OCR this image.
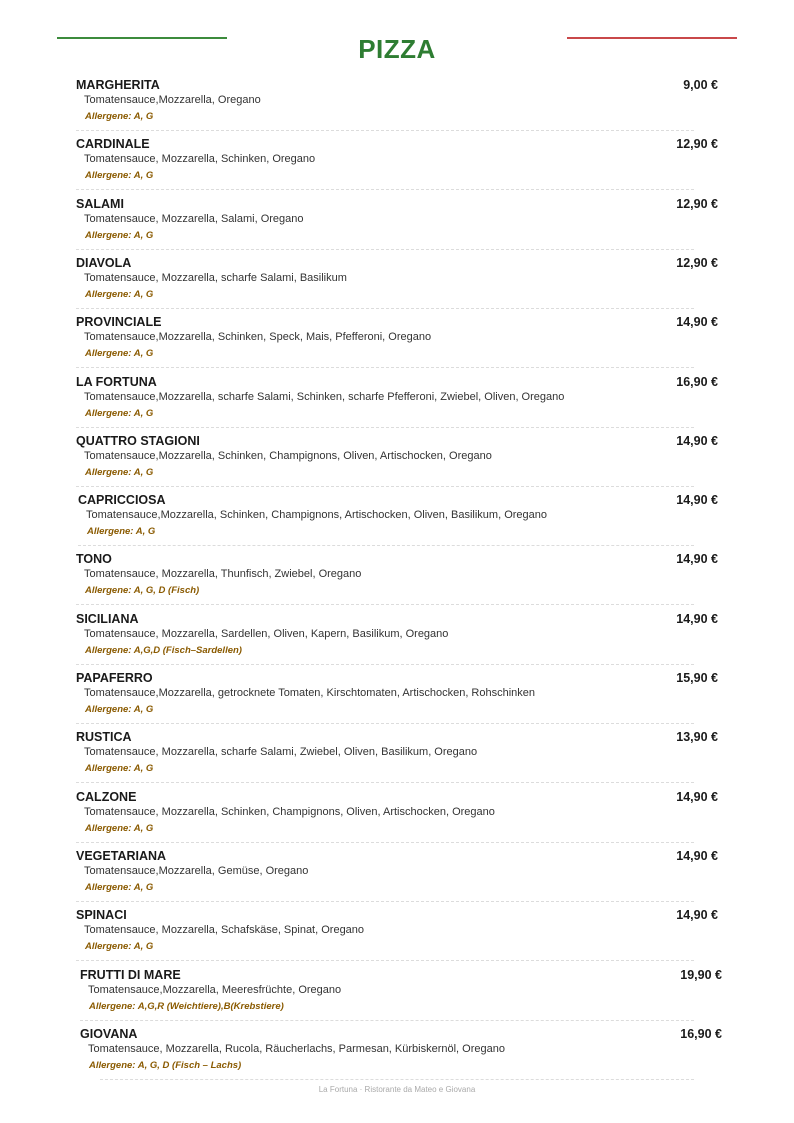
PIZZA
MARGHERITA	9,00 €
Tomatensauce,Mozzarella, Oregano
Allergene: A, G
CARDINALE	12,90 €
Tomatensauce, Mozzarella, Schinken, Oregano
Allergene: A, G
SALAMI	12,90 €
Tomatensauce, Mozzarella, Salami, Oregano
Allergene: A, G
DIAVOLA	12,90 €
Tomatensauce, Mozzarella, scharfe Salami, Basilikum
Allergene: A, G
PROVINCIALE	14,90 €
Tomatensauce,Mozzarella, Schinken, Speck, Mais, Pfefferoni, Oregano
Allergene: A, G
LA FORTUNA	16,90 €
Tomatensauce,Mozzarella, scharfe Salami, Schinken, scharfe Pfefferoni, Zwiebel, Oliven, Oregano
Allergene: A, G
QUATTRO STAGIONI	14,90 €
Tomatensauce,Mozzarella, Schinken, Champignons, Oliven, Artischocken, Oregano
Allergene: A, G
CAPRICCIOSA	14,90 €
Tomatensauce,Mozzarella, Schinken, Champignons, Artischocken, Oliven, Basilikum, Oregano
Allergene: A, G
TONO	14,90 €
Tomatensauce, Mozzarella, Thunfisch, Zwiebel, Oregano
Allergene: A, G, D (Fisch)
SICILIANA	14,90 €
Tomatensauce, Mozzarella, Sardellen, Oliven, Kapern, Basilikum, Oregano
Allergene: A,G,D (Fisch–Sardellen)
PAPAFERRO	15,90 €
Tomatensauce,Mozzarella, getrocknete Tomaten, Kirschtomaten, Artischocken, Rohschinken
Allergene: A, G
RUSTICA	13,90 €
Tomatensauce, Mozzarella, scharfe Salami, Zwiebel, Oliven, Basilikum, Oregano
Allergene: A, G
CALZONE	14,90 €
Tomatensauce, Mozzarella, Schinken, Champignons, Oliven, Artischocken, Oregano
Allergene: A, G
VEGETARIANA	14,90 €
Tomatensauce,Mozzarella, Gemüse, Oregano
Allergene: A, G
SPINACI	14,90 €
Tomatensauce, Mozzarella, Schafskäse, Spinat, Oregano
Allergene: A, G
FRUTTI DI MARE	19,90 €
Tomatensauce,Mozzarella, Meeresfrüchte, Oregano
Allergene: A,G,R (Weichtiere),B(Krebstiere)
GIOVANA	16,90 €
Tomatensauce, Mozzarella, Rucola, Räucherlachs, Parmesan, Kürbiskernöl, Oregano
Allergene: A, G, D (Fisch – Lachs)
La Fortuna · Ristorante da Mateo e Giovana
